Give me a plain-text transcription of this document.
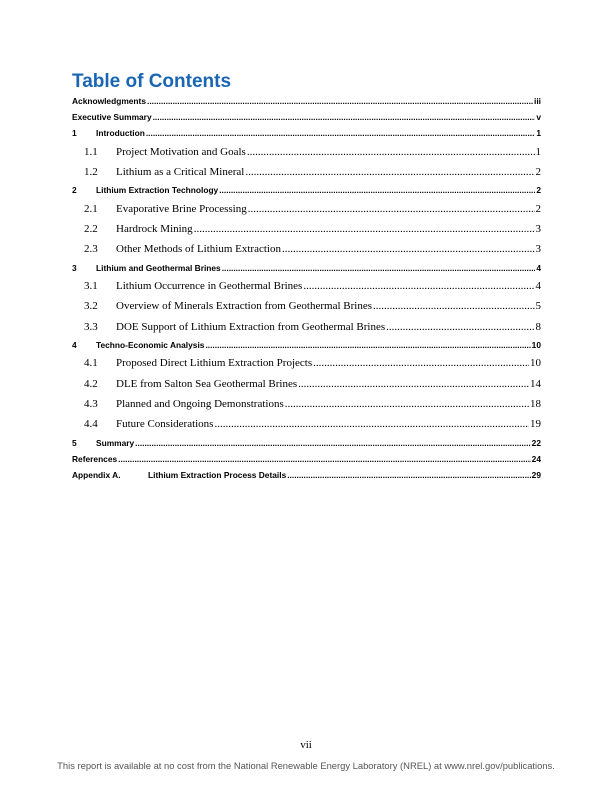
Table of Contents
Acknowledgments .....	iii
Executive Summary .....	v
1	Introduction .....	1
1.1	Project Motivation and Goals .....	1
1.2	Lithium as a Critical Mineral .....	2
2	Lithium Extraction Technology .....	2
2.1	Evaporative Brine Processing .....	2
2.2	Hardrock Mining .....	3
2.3	Other Methods of Lithium Extraction .....	3
3	Lithium and Geothermal Brines .....	4
3.1	Lithium Occurrence in Geothermal Brines .....	4
3.2	Overview of Minerals Extraction from Geothermal Brines .....	5
3.3	DOE Support of Lithium Extraction from Geothermal Brines .....	8
4	Techno-Economic Analysis .....	10
4.1	Proposed Direct Lithium Extraction Projects .....	10
4.2	DLE from Salton Sea Geothermal Brines .....	14
4.3	Planned and Ongoing Demonstrations .....	18
4.4	Future Considerations .....	19
5	Summary .....	22
References .....	24
Appendix A.	Lithium Extraction Process Details .....	29
vii
This report is available at no cost from the National Renewable Energy Laboratory (NREL) at www.nrel.gov/publications.
